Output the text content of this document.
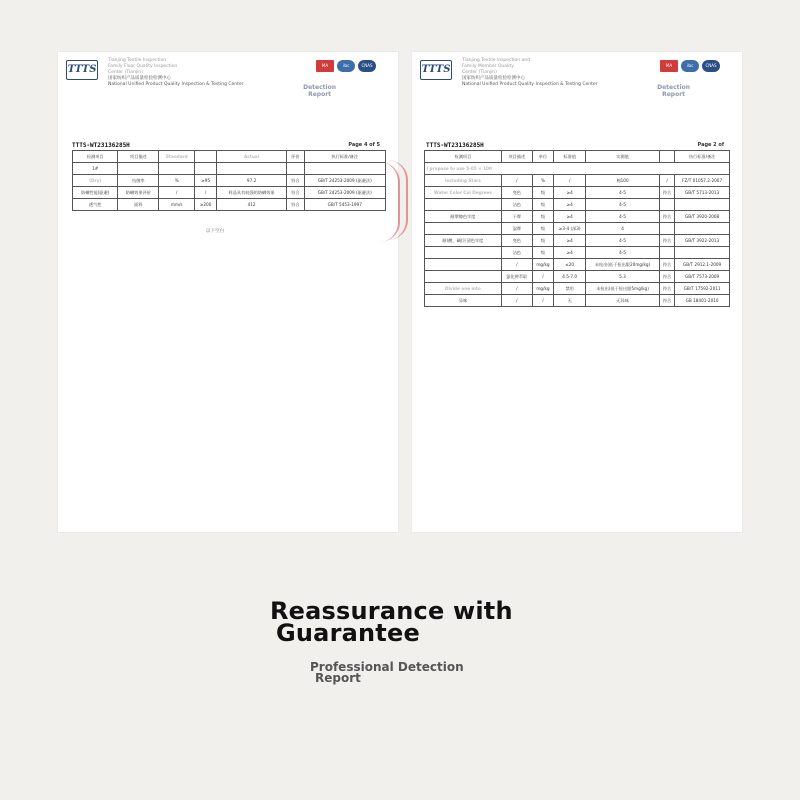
TTTS
Tianjing Textile Inspection
Family Floor Quality Inspection
Center (Tianjin)
国家纺织产品质量检验检测中心
National Unified Product Quality Inspection & Testing Center
MA	ilac	CNAS
Detection
Report
TTTS-WT23136285H	Page 4 of 5
检测项目	项目描述	Standard		Actual	评价	执行标准/备注
1#						
(Dry)	抗菌率	%	≥95	97.2	符合	GB/T 24253-2009 (驱避法)
防螨性能(驱避)	防螨效果评价	/	/	样品具有较强的防螨效果	符合	GB/T 24253-2009 (驱避法)
透气性	面料	mm/s	≥200	412	符合	GB/T 5453-1997
以下空白
TTTS
Tianjing Textile Inspection and
Family Member Quality
Center (Tianjin)
国家纺织产品质量检验检测中心
National Unified Product Quality Inspection & Testing Center
MA	ilac	CNAS
Detection
Report
TTTS-WT23136285H	Page 2 of
检测项目	项目描述	单位	标准值	实测值		执行标准/备注
I propose to use 5-05 × 100						
Including Stars	/	%	/	棉100	/	FZ/T 01057.2-2007
Water Color Col Degrees	变色	级	≥4	4-5	符合	GB/T 5713-2013
	沾色	级	≥4	4-5		
耐摩擦色牢度	干摩	级	≥4	4-5	符合	GB/T 3920-2008
	湿摩	级	≥3-4 (深3)	4		
耐(酸、碱)汗渍色牢度	变色	级	≥4	4-5	符合	GB/T 3922-2013
	沾色	级	≥4	4-5		
	/	mg/kg	≤20	未检出(低于检出限20mg/kg)	符合	GB/T 2912.1-2009
	氯化钾萃取	/	4.5-7.0	5.3	符合	GB/T 7573-2009
Divide one into	/	mg/kg	禁用	未检出(低于检出限5mg/kg)	符合	GB/T 17592-2011
异味	/	/	无	无异味	符合	GB 18401-2010
Reassurance with
Guarantee
Professional Detection
Report
